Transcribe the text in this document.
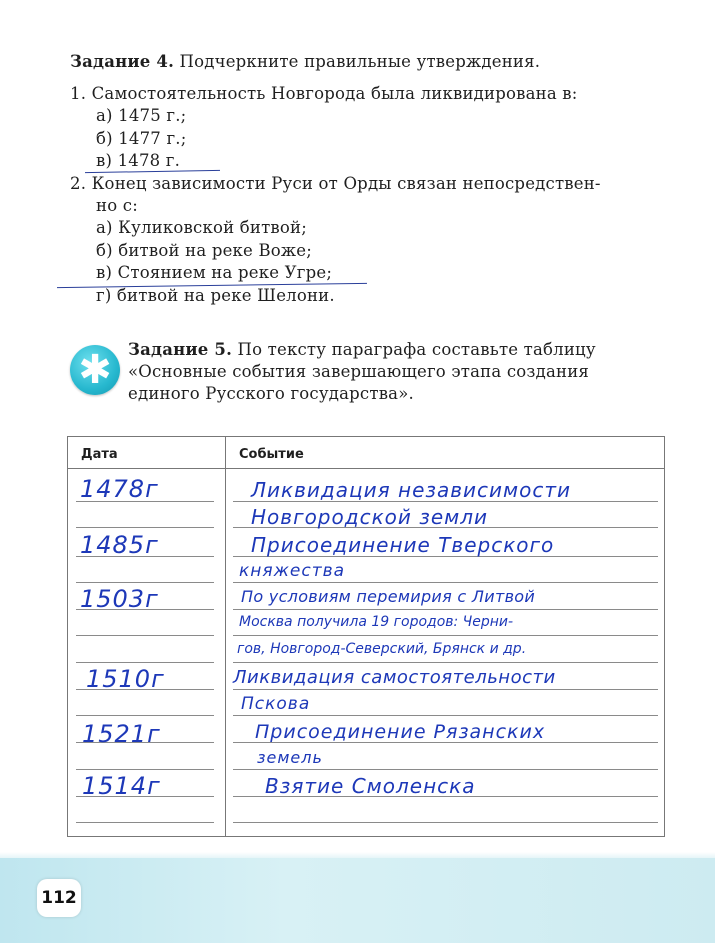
Задание 4. Подчеркните правильные утверждения.
1. Самостоятельность Новгорода была ликвидирована в:
а) 1475 г.;
б) 1477 г.;
в) 1478 г.
2. Конец зависимости Руси от Орды связан непосредствен-
но с:
а) Куликовской битвой;
б) битвой на реке Воже;
в) Стоянием на реке Угре;
г) битвой на реке Шелони.
✱ Задание 5. По тексту параграфа составьте таблицу
«Основные события завершающего этапа создания
единого Русского государства».
Дата	Событие
1478г
1485г
1503г
1510г
1521г
1514г
Ликвидация независимости
Новгородской земли
Присоединение Тверского
княжества
По условиям перемирия с Литвой
Москва получила 19 городов: Черни-
гов, Новгород-Северский, Брянск и др.
Ликвидация самостоятельности
Пскова
Присоединение Рязанских
земель
Взятие Смоленска
112
